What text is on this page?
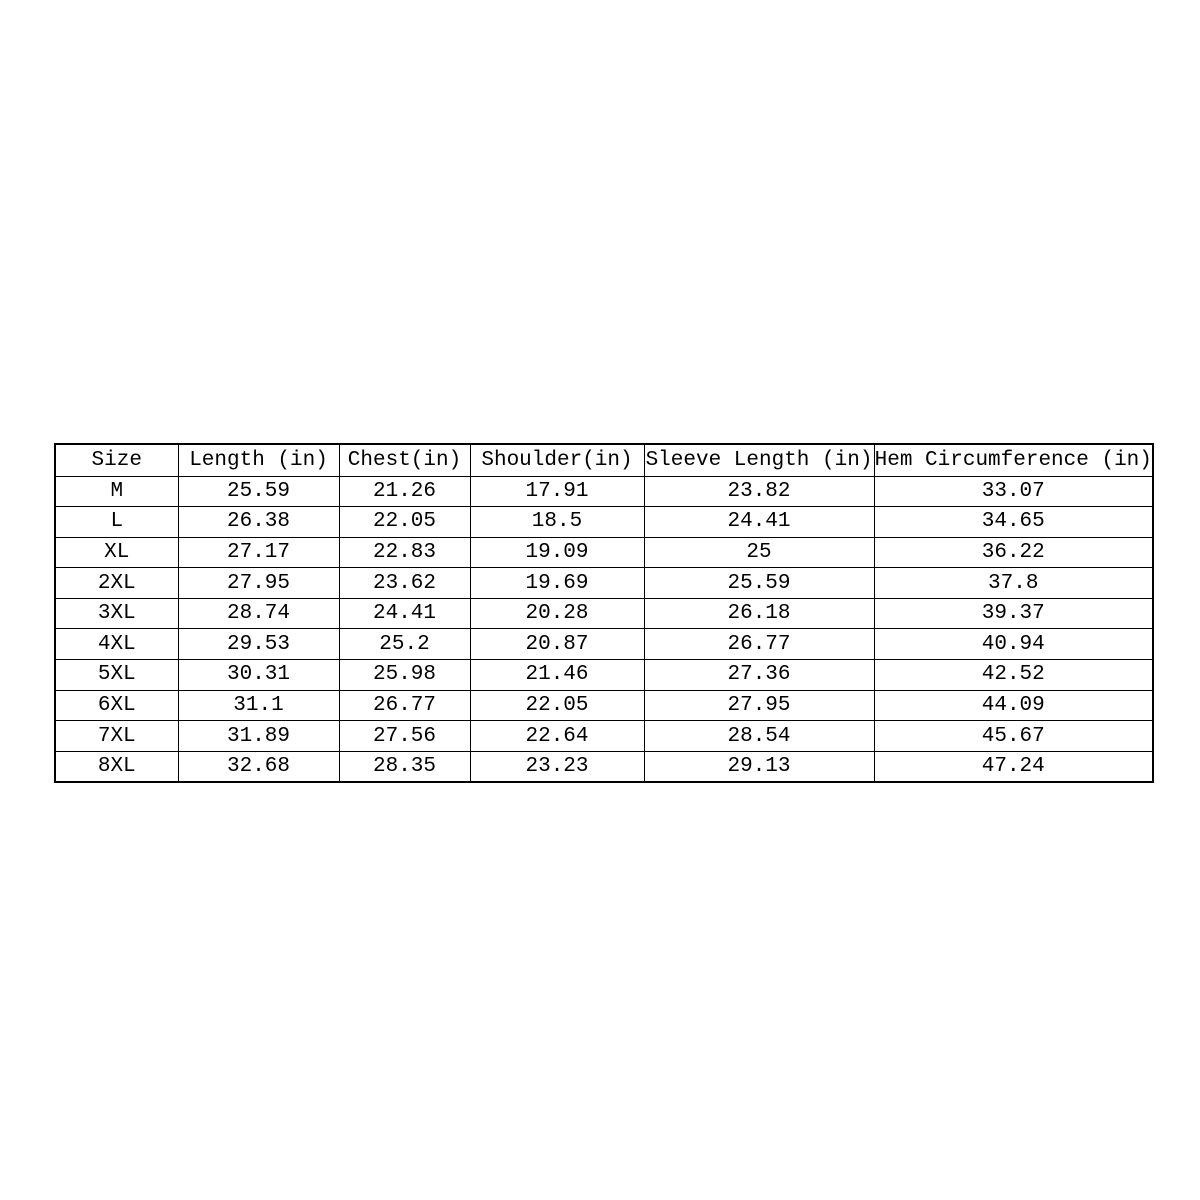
Size	Length (in)	Chest(in)	Shoulder(in)	Sleeve Length (in)	Hem Circumference (in)
M	25.59	21.26	17.91	23.82	33.07
L	26.38	22.05	18.5	24.41	34.65
XL	27.17	22.83	19.09	25	36.22
2XL	27.95	23.62	19.69	25.59	37.8
3XL	28.74	24.41	20.28	26.18	39.37
4XL	29.53	25.2	20.87	26.77	40.94
5XL	30.31	25.98	21.46	27.36	42.52
6XL	31.1	26.77	22.05	27.95	44.09
7XL	31.89	27.56	22.64	28.54	45.67
8XL	32.68	28.35	23.23	29.13	47.24
